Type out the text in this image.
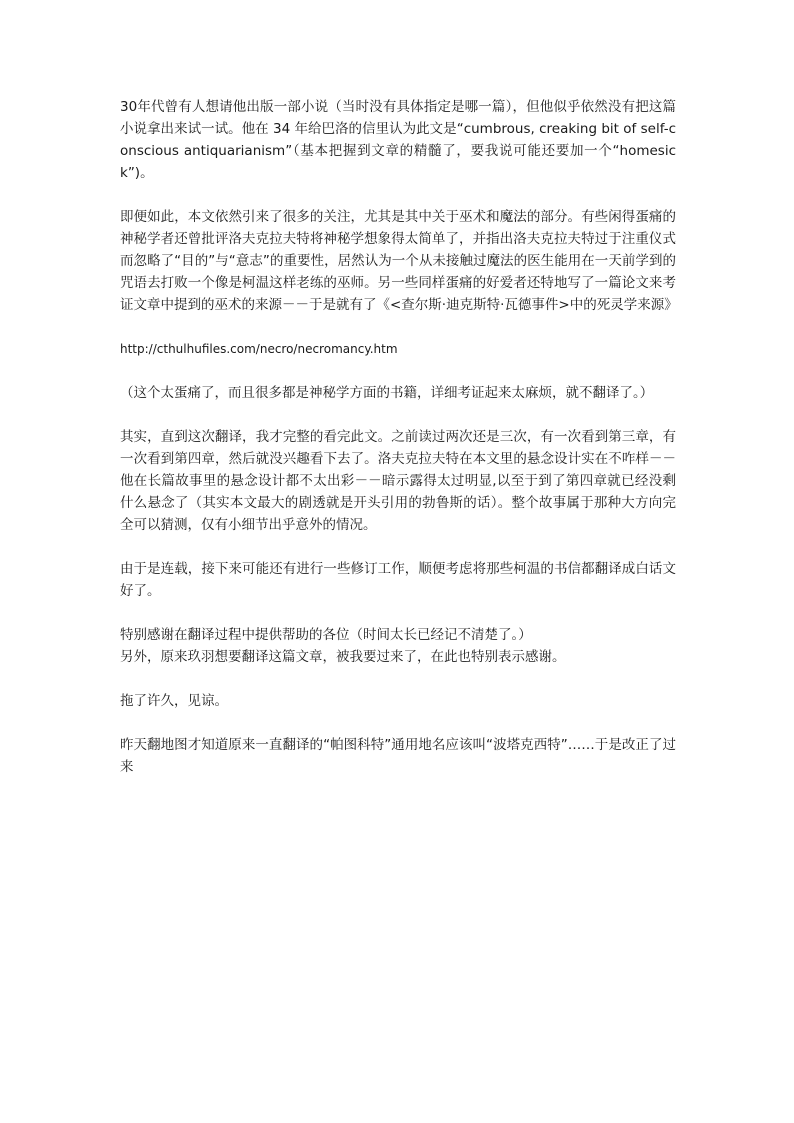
30年代曾有人想请他出版一部小说（当时没有具体指定是哪一篇），但他似乎依然没有把这篇小说拿出来试一试。他在 34 年给巴洛的信里认为此文是“cumbrous, creaking bit of self-conscious antiquarianism”（基本把握到文章的精髓了，要我说可能还要加一个“homesick”)。

即便如此，本文依然引来了很多的关注，尤其是其中关于巫术和魔法的部分。有些闲得蛋痛的神秘学者还曾批评洛夫克拉夫特将神秘学想象得太简单了，并指出洛夫克拉夫特过于注重仪式而忽略了“目的”与“意志”的重要性，居然认为一个从未接触过魔法的医生能用在一天前学到的咒语去打败一个像是柯温这样老练的巫师。另一些同样蛋痛的好爱者还特地写了一篇论文来考证文章中提到的巫术的来源－－于是就有了《<查尔斯·迪克斯特·瓦德事件>中的死灵学来源》

http://cthulhufiles.com/necro/necromancy.htm

（这个太蛋痛了，而且很多都是神秘学方面的书籍，详细考证起来太麻烦，就不翻译了。）

其实，直到这次翻译，我才完整的看完此文。之前读过两次还是三次，有一次看到第三章，有一次看到第四章，然后就没兴趣看下去了。洛夫克拉夫特在本文里的悬念设计实在不咋样－－他在长篇故事里的悬念设计都不太出彩－－暗示露得太过明显,以至于到了第四章就已经没剩什么悬念了（其实本文最大的剧透就是开头引用的勃鲁斯的话）。整个故事属于那种大方向完全可以猜测，仅有小细节出乎意外的情况。

由于是连载，接下来可能还有进行一些修订工作，顺便考虑将那些柯温的书信都翻译成白话文好了。

特别感谢在翻译过程中提供帮助的各位（时间太长已经记不清楚了。）

另外，原来玖羽想要翻译这篇文章，被我要过来了，在此也特别表示感谢。

拖了许久，见谅。

昨天翻地图才知道原来一直翻译的“帕图科特”通用地名应该叫“波塔克西特”……于是改正了过来
